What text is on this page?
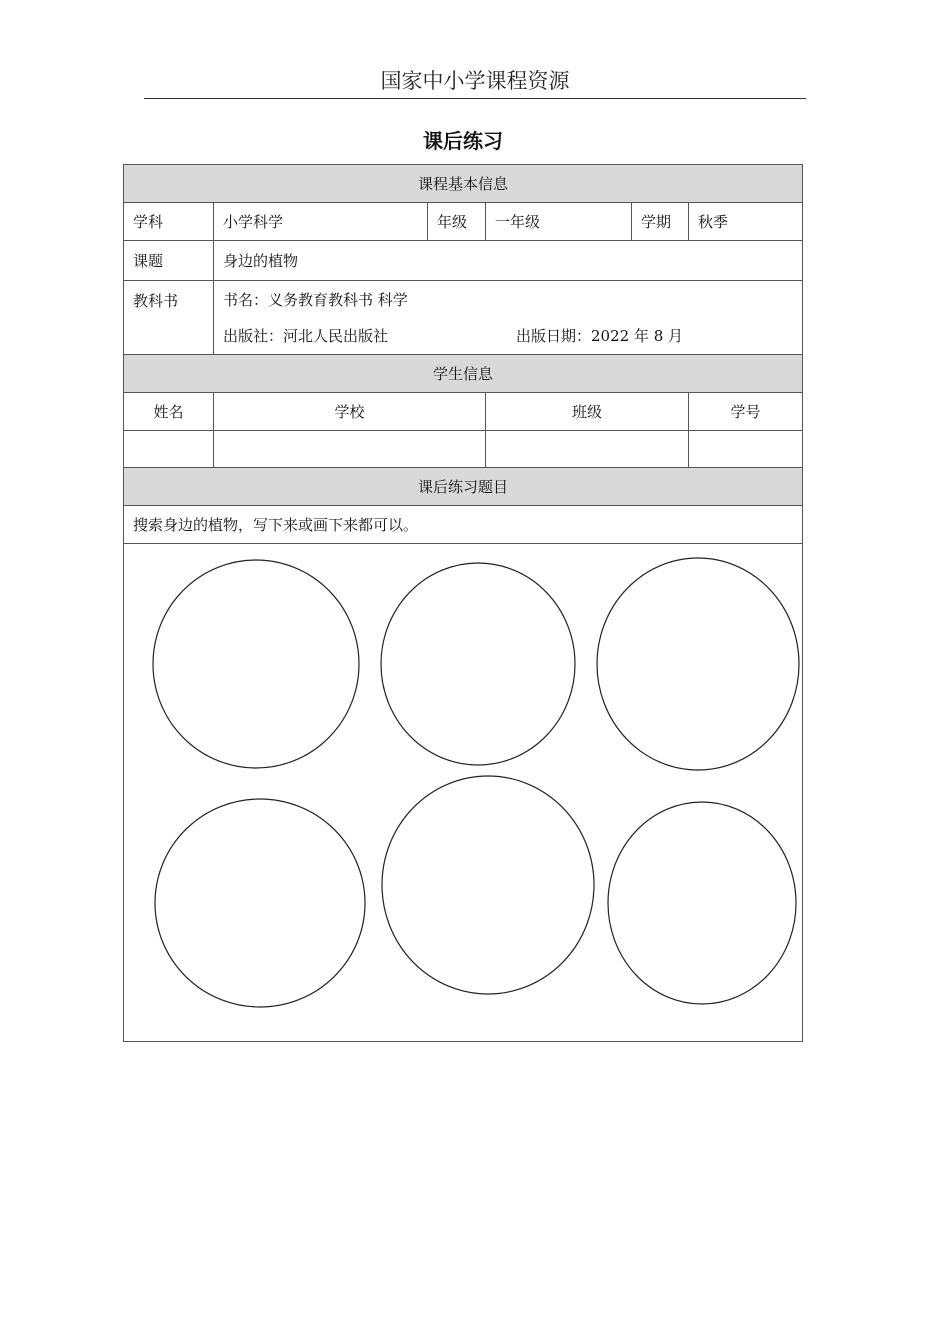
国家中小学课程资源
课后练习
课程基本信息					
学科	小学科学	年级	一年级	学期	秋季
课题	身边的植物				
教科书	书名：义务教育教科书 科学
出版社：河北人民出版社 出版日期：2022 年 8 月				

学生信息					
姓名	学校		班级		学号

课后练习题目					
搜索身边的植物，写下来或画下来都可以。					
